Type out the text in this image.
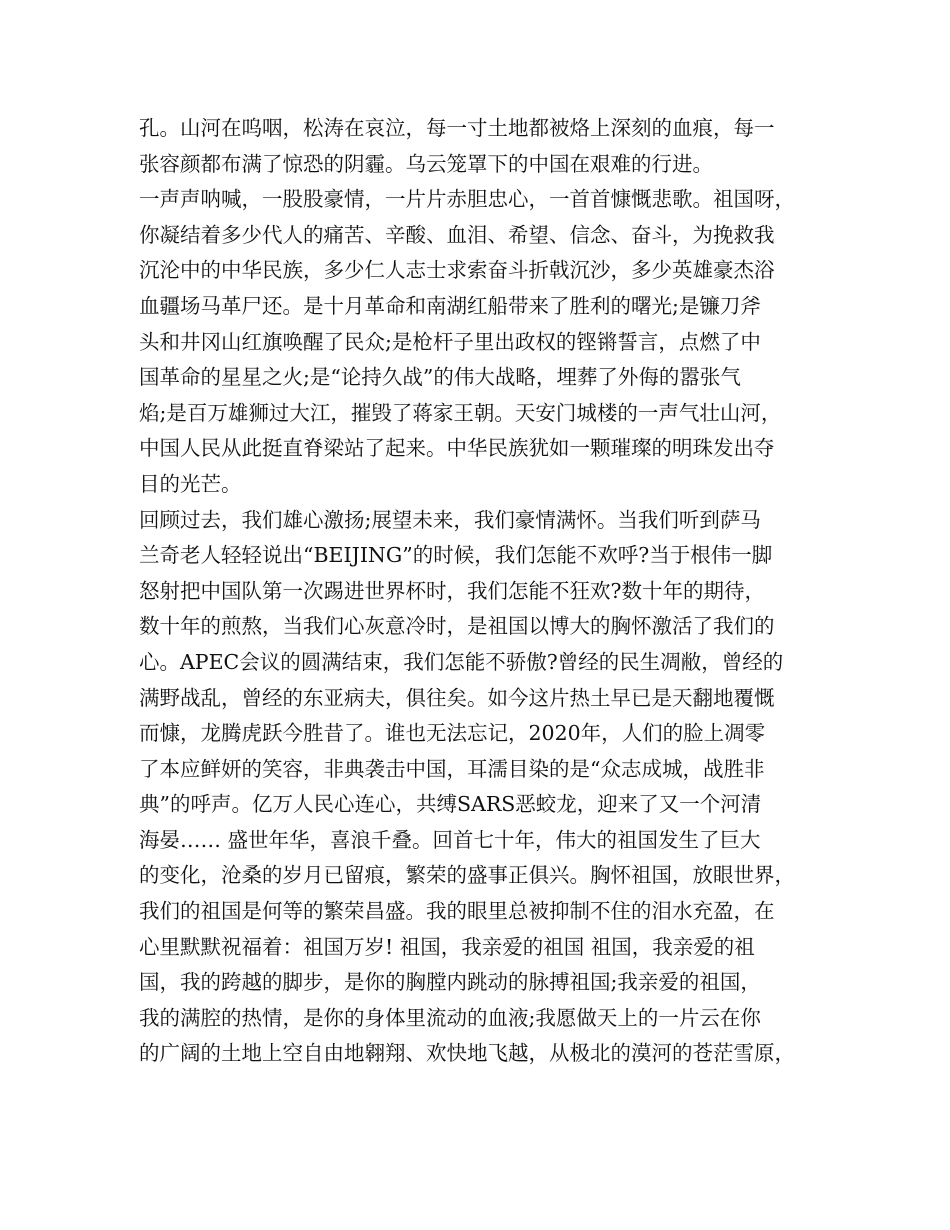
孔。山河在呜咽，松涛在哀泣，每一寸土地都被烙上深刻的血痕，每一
张容颜都布满了惊恐的阴霾。乌云笼罩下的中国在艰难的行进。
一声声呐喊，一股股豪情，一片片赤胆忠心，一首首慷慨悲歌。祖国呀，
你凝结着多少代人的痛苦、辛酸、血泪、希望、信念、奋斗，为挽救我
沉沦中的中华民族，多少仁人志士求索奋斗折戟沉沙，多少英雄豪杰浴
血疆场马革尸还。是十月革命和南湖红船带来了胜利的曙光;是镰刀斧
头和井冈山红旗唤醒了民众;是枪杆子里出政权的铿锵誓言，点燃了中
国革命的星星之火;是“论持久战”的伟大战略，埋葬了外侮的嚣张气
焰;是百万雄狮过大江，摧毁了蒋家王朝。天安门城楼的一声气壮山河，
中国人民从此挺直脊梁站了起来。中华民族犹如一颗璀璨的明珠发出夺
目的光芒。
回顾过去，我们雄心激扬;展望未来，我们豪情满怀。当我们听到萨马
兰奇老人轻轻说出“BEIJING”的时候，我们怎能不欢呼?当于根伟一脚
怒射把中国队第一次踢进世界杯时，我们怎能不狂欢?数十年的期待，
数十年的煎熬，当我们心灰意冷时，是祖国以博大的胸怀激活了我们的
心。APEC会议的圆满结束，我们怎能不骄傲?曾经的民生凋敝，曾经的
满野战乱，曾经的东亚病夫，俱往矣。如今这片热土早已是天翻地覆慨
而慷，龙腾虎跃今胜昔了。谁也无法忘记，2020年，人们的脸上凋零
了本应鲜妍的笑容，非典袭击中国，耳濡目染的是“众志成城，战胜非
典”的呼声。亿万人民心连心，共缚SARS恶蛟龙，迎来了又一个河清
海晏…… 盛世年华，喜浪千叠。回首七十年，伟大的祖国发生了巨大
的变化，沧桑的岁月已留痕，繁荣的盛事正俱兴。胸怀祖国，放眼世界，
我们的祖国是何等的繁荣昌盛。我的眼里总被抑制不住的泪水充盈，在
心里默默祝福着：祖国万岁! 祖国，我亲爱的祖国 祖国，我亲爱的祖
国，我的跨越的脚步，是你的胸膛内跳动的脉搏祖国;我亲爱的祖国，
我的满腔的热情，是你的身体里流动的血液;我愿做天上的一片云在你
的广阔的土地上空自由地翱翔、欢快地飞越，从极北的漠河的苍茫雪原，
